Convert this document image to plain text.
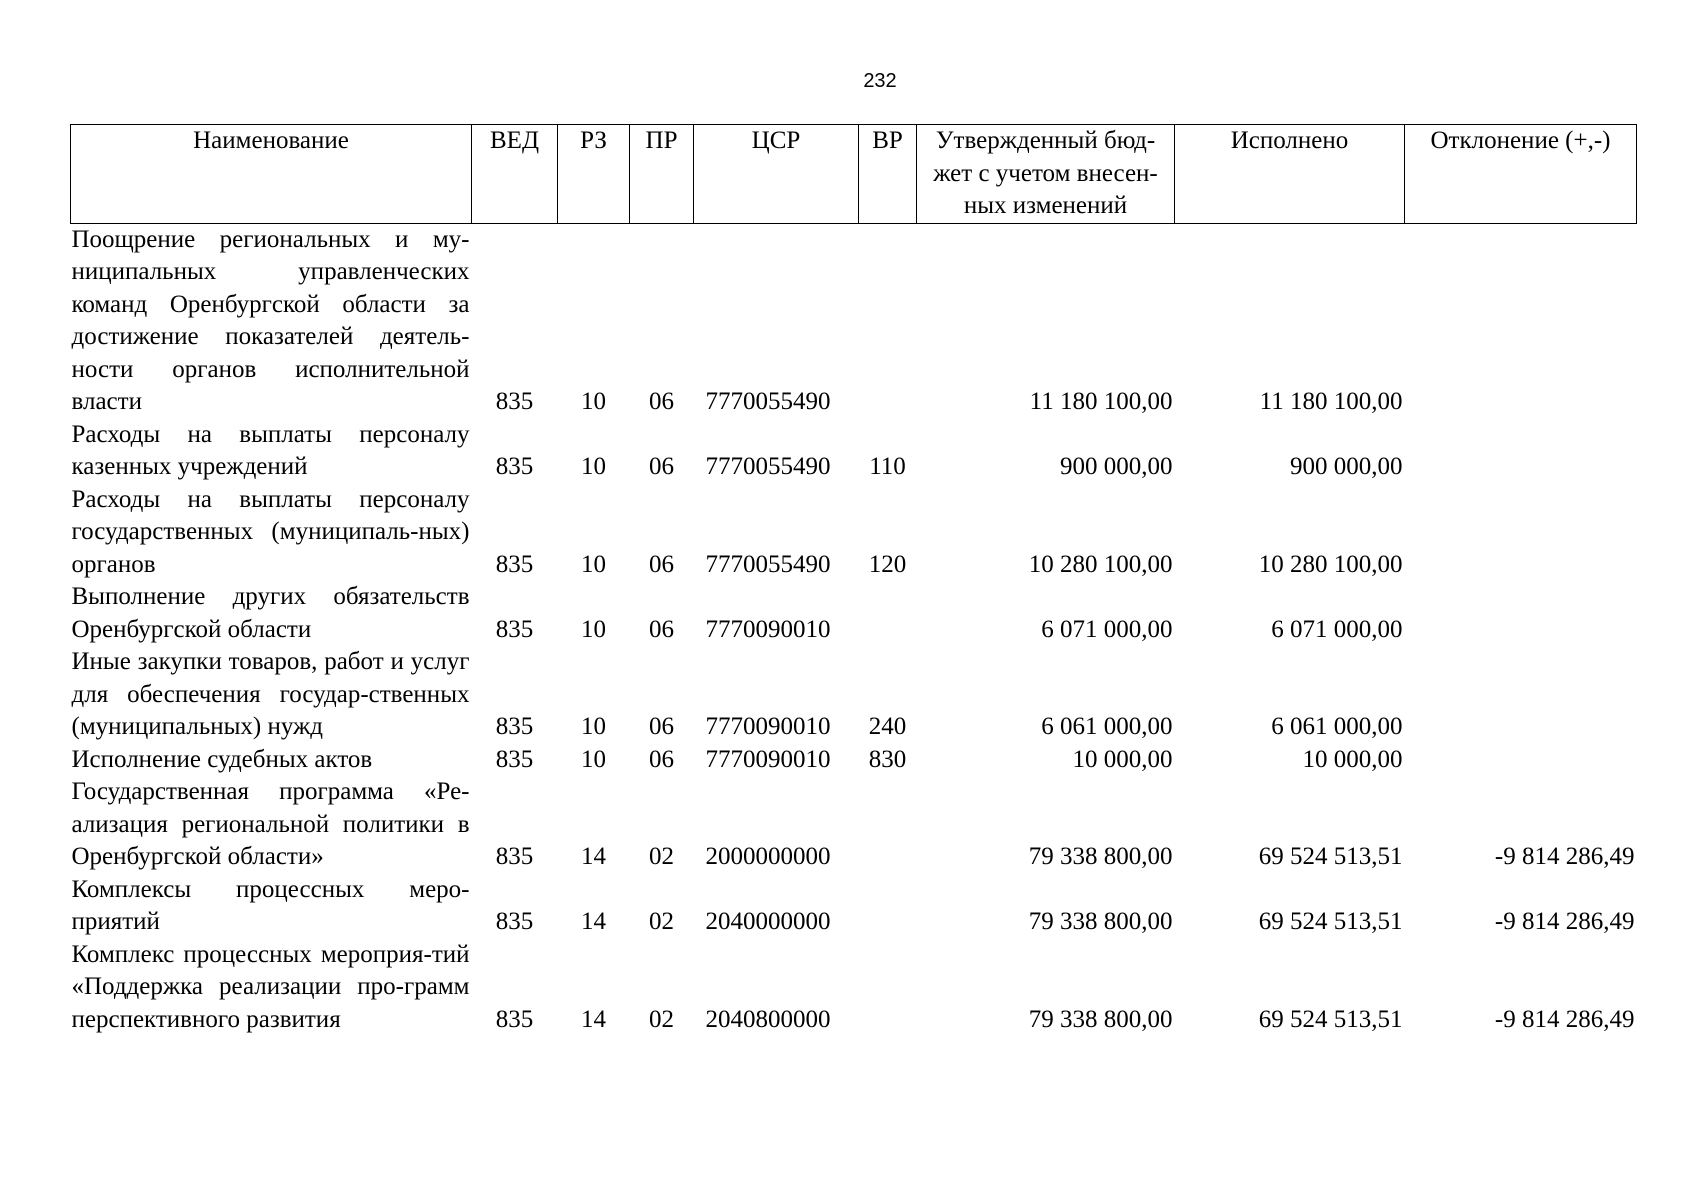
232
Наименование	ВЕД	РЗ	ПР	ЦСР	ВР	Утвержденный бюд-жет с учетом внесен-ных изменений	Исполнено	Отклонение (+,-)
Поощрение региональных и му-ниципальных управленческих команд Оренбургской области за достижение показателей деятель-ности органов исполнительной власти	835	10	06	7770055490		11 180 100,00	11 180 100,00	
Расходы на выплаты персоналу казенных учреждений	835	10	06	7770055490	110	900 000,00	900 000,00	
Расходы на выплаты персоналу государственных (муниципаль-ных) органов	835	10	06	7770055490	120	10 280 100,00	10 280 100,00	
Выполнение других обязательств Оренбургской области	835	10	06	7770090010		6 071 000,00	6 071 000,00	
Иные закупки товаров, работ и услуг для обеспечения государ-ственных (муниципальных) нужд	835	10	06	7770090010	240	6 061 000,00	6 061 000,00	
Исполнение судебных актов	835	10	06	7770090010	830	10 000,00	10 000,00	
Государственная программа «Ре-ализация региональной политики в Оренбургской области»	835	14	02	2000000000		79 338 800,00	69 524 513,51	-9 814 286,49
Комплексы процессных меро-приятий	835	14	02	2040000000		79 338 800,00	69 524 513,51	-9 814 286,49
Комплекс процессных мероприя-тий «Поддержка реализации про-грамм перспективного развития	835	14	02	2040800000		79 338 800,00	69 524 513,51	-9 814 286,49
